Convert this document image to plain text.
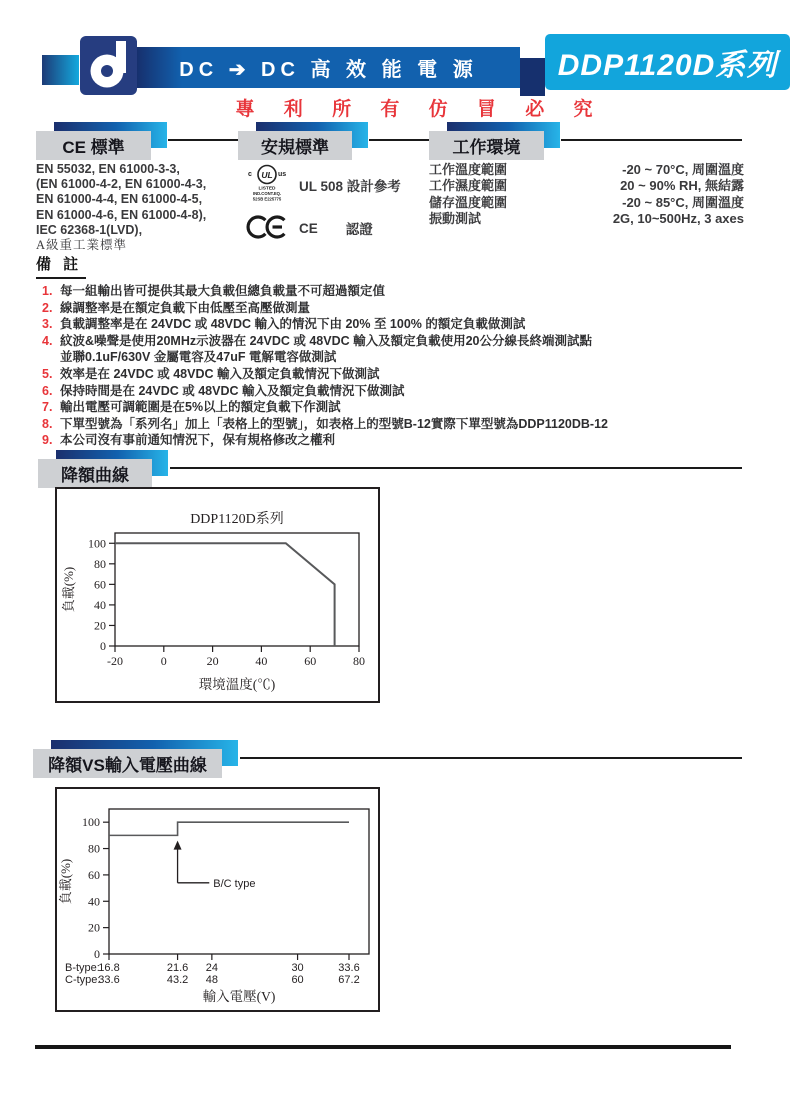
DC ➔ DC 高 效 能 電 源	DDP1120D系列
專 利 所 有 仿 冒 必 究
CE 標準	安規標準	工作環境
EN 55032, EN 61000-3-3,
(EN 61000-4-2, EN 61000-4-3,
EN 61000-4-4, EN 61000-4-5,
EN 61000-4-6, EN 61000-4-8),
IEC 62368-1(LVD),
A級重工業標準
c UL us
LISTED
IND.CONT.EQ.
52SB E225775
UL 508 設計參考
CE 認證
工作溫度範圍	-20 ~ 70°C, 周圍溫度
工作濕度範圍	20 ~ 90% RH, 無結露
儲存溫度範圍	-20 ~ 85°C, 周圍溫度
振動測試	2G, 10~500Hz, 3 axes
備 註
1. 每一組輸出皆可提供其最大負載但總負載量不可超過額定值
2. 線調整率是在額定負載下由低壓至高壓做測量
3. 負載調整率是在 24VDC 或 48VDC 輸入的情況下由 20% 至 100% 的額定負載做測試
4. 紋波&噪聲是使用20MHz示波器在 24VDC 或 48VDC 輸入及額定負載使用20公分線長終端測試點
並聯0.1uF/630V 金屬電容及47uF 電解電容做測試
5. 效率是在 24VDC 或 48VDC 輸入及額定負載情況下做測試
6. 保持時間是在 24VDC 或 48VDC 輸入及額定負載情況下做測試
7. 輸出電壓可調範圍是在5%以上的額定負載下作測試
8. 下單型號為「系列名」加上「表格上的型號」，如表格上的型號B-12實際下單型號為DDP1120DB-12
9. 本公司沒有事前通知情況下，保有規格修改之權利
降額曲線
0
20
40
60
80
100
-20	0	20	40	60	80
DDP1120D系列
環境溫度(℃)
負載(%)
降額VS輸入電壓曲線
0
20
40
60
80
100
B-type:
16.8	21.6 24	30	33.6
C-type:
33.6	43.2 48	60	67.2
輸入電壓(V)
負載(%)	B/C type
